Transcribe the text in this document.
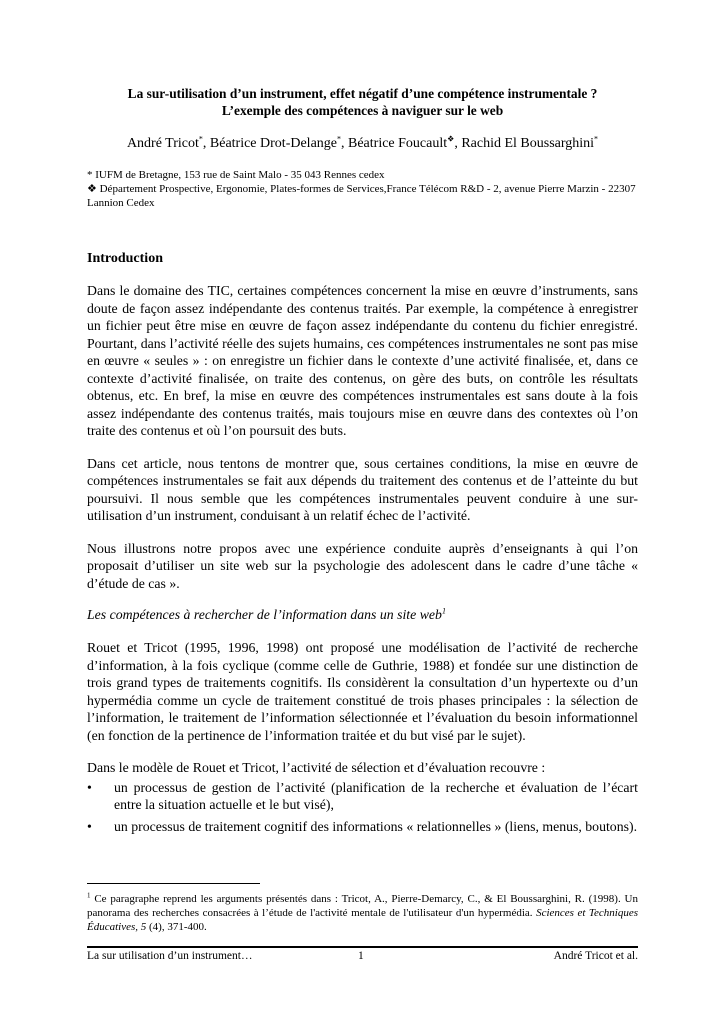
La sur-utilisation d’un instrument, effet négatif d’une compétence instrumentale ?
L’exemple des compétences à naviguer sur le web

André Tricot*, Béatrice Drot-Delange*, Béatrice Foucault❖, Rachid El Boussarghini*

* IUFM de Bretagne, 153 rue de Saint Malo - 35 043 Rennes cedex

❖ Département Prospective, Ergonomie, Plates-formes de Services,France Télécom R&D - 2, avenue Pierre Marzin - 22307 Lannion Cedex

Introduction

Dans le domaine des TIC, certaines compétences concernent la mise en œuvre d’instruments, sans doute de façon assez indépendante des contenus traités. Par exemple, la compétence à enregistrer un fichier peut être mise en œuvre de façon assez indépendante du contenu du fichier enregistré. Pourtant, dans l’activité réelle des sujets humains, ces compétences instrumentales ne sont pas mise en œuvre « seules » : on enregistre un fichier dans le contexte d’une activité finalisée, et, dans ce contexte d’activité finalisée, on traite des contenus, on gère des buts, on contrôle les résultats obtenus, etc. En bref, la mise en œuvre des compétences instrumentales est sans doute à la fois assez indépendante des contenus traités, mais toujours mise en œuvre dans des contextes où l’on traite des contenus et où l’on poursuit des buts.

Dans cet article, nous tentons de montrer que, sous certaines conditions, la mise en œuvre de compétences instrumentales se fait aux dépends du traitement des contenus et de l’atteinte du but poursuivi. Il nous semble que les compétences instrumentales peuvent conduire à une sur-utilisation d’un instrument, conduisant à un relatif échec de l’activité.

Nous illustrons notre propos avec une expérience conduite auprès d’enseignants à qui l’on proposait d’utiliser un site web sur la psychologie des adolescent dans le cadre d’une tâche « d’étude de cas ».

Les compétences à rechercher de l’information dans un site web$^1$

Rouet et Tricot (1995, 1996, 1998) ont proposé une modélisation de l’activité de recherche d’information, à la fois cyclique (comme celle de Guthrie, 1988) et fondée sur une distinction de trois grand types de traitements cognitifs. Ils considèrent la consultation d’un hypertexte ou d’un hypermédia comme un cycle de traitement constitué de trois phases principales : la sélection de l’information, le traitement de l’information sélectionnée et l’évaluation du besoin informationnel (en fonction de la pertinence de l’information traitée et du but visé par le sujet).

Dans le modèle de Rouet et Tricot, l’activité de sélection et d’évaluation recouvre :

• un processus de gestion de l’activité (planification de la recherche et évaluation de l’écart entre la situation actuelle et le but visé),
• un processus de traitement cognitif des informations « relationnelles » (liens, menus, boutons).
$^1$ Ce paragraphe reprend les arguments présentés dans : Tricot, A., Pierre-Demarcy, C., & El Boussarghini, R. (1998). Un panorama des recherches consacrées à l’étude de l'activité mentale de l'utilisateur d'un hypermédia. Sciences et Techniques Éducatives, 5 (4), 371-400.
La sur utilisation d’un instrument…	1	André Tricot et al.
